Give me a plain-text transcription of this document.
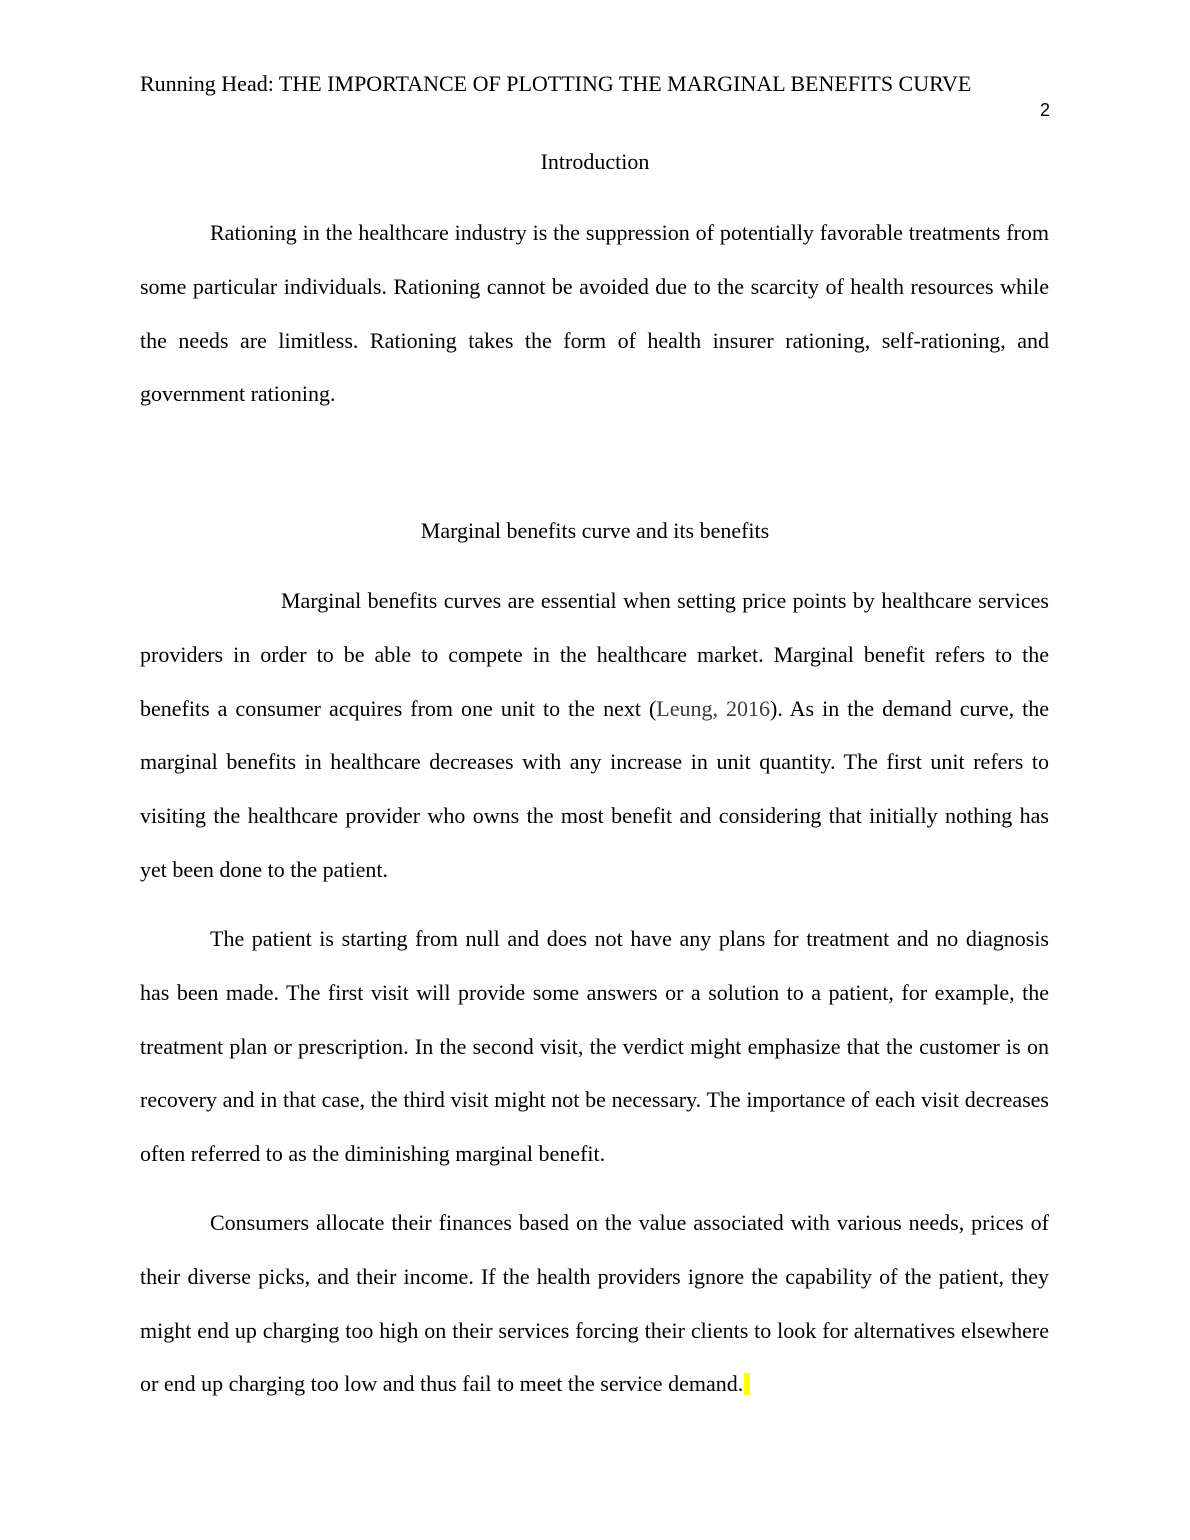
Running Head: THE IMPORTANCE OF PLOTTING THE MARGINAL BENEFITS CURVE
2
Introduction

Rationing in the healthcare industry is the suppression of potentially favorable treatments from some particular individuals. Rationing cannot be avoided due to the scarcity of health resources while the needs are limitless. Rationing takes the form of health insurer rationing, self-rationing, and government rationing.

Marginal benefits curve and its benefits

Marginal benefits curves are essential when setting price points by healthcare services providers in order to be able to compete in the healthcare market. Marginal benefit refers to the benefits a consumer acquires from one unit to the next (Leung, 2016). As in the demand curve, the marginal benefits in healthcare decreases with any increase in unit quantity. The first unit refers to visiting the healthcare provider who owns the most benefit and considering that initially nothing has yet been done to the patient.

The patient is starting from null and does not have any plans for treatment and no diagnosis has been made. The first visit will provide some answers or a solution to a patient, for example, the treatment plan or prescription. In the second visit, the verdict might emphasize that the customer is on recovery and in that case, the third visit might not be necessary. The importance of each visit decreases often referred to as the diminishing marginal benefit.

Consumers allocate their finances based on the value associated with various needs, prices of their diverse picks, and their income. If the health providers ignore the capability of the patient, they might end up charging too high on their services forcing their clients to look for alternatives elsewhere or end up charging too low and thus fail to meet the service demand.
